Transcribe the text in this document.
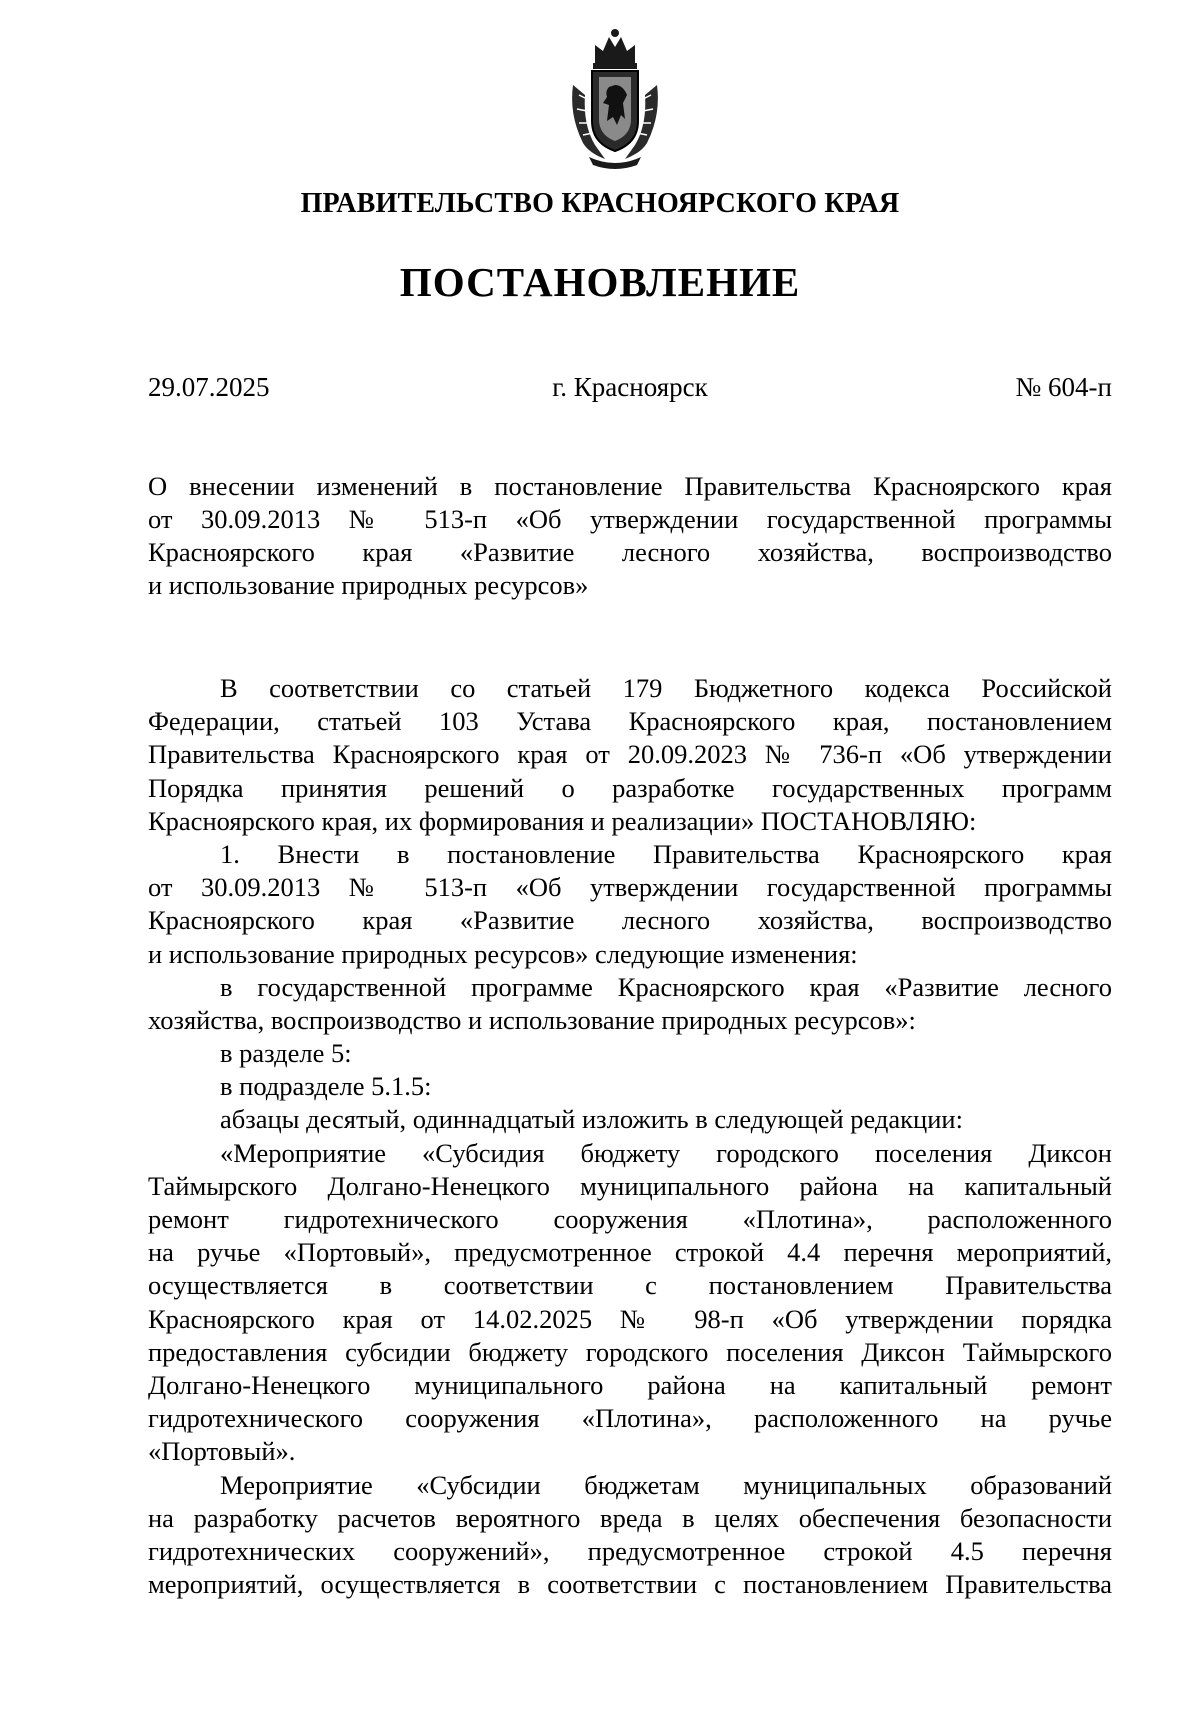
ПРАВИТЕЛЬСТВО КРАСНОЯРСКОГО КРАЯ
ПОСТАНОВЛЕНИЕ
г. Красноярск
29.07.2025	№ 604-п
О внесении изменений в постановление Правительства Красноярского края
от 30.09.2013 № 513-п «Об утверждении государственной программы
Красноярского края «Развитие лесного хозяйства, воспроизводство
и использование природных ресурсов»
В соответствии со статьей 179 Бюджетного кодекса Российской
Федерации, статьей 103 Устава Красноярского края, постановлением
Правительства Красноярского края от 20.09.2023 № 736-п «Об утверждении
Порядка принятия решений о разработке государственных программ
Красноярского края, их формирования и реализации» ПОСТАНОВЛЯЮ:
1. Внести в постановление Правительства Красноярского края
от 30.09.2013 № 513-п «Об утверждении государственной программы
Красноярского края «Развитие лесного хозяйства, воспроизводство
и использование природных ресурсов» следующие изменения:
в государственной программе Красноярского края «Развитие лесного
хозяйства, воспроизводство и использование природных ресурсов»:
в разделе 5:
в подразделе 5.1.5:
абзацы десятый, одиннадцатый изложить в следующей редакции:
«Мероприятие «Субсидия бюджету городского поселения Диксон
Таймырского Долгано-Ненецкого муниципального района на капитальный
ремонт гидротехнического сооружения «Плотина», расположенного
на ручье «Портовый», предусмотренное строкой 4.4 перечня мероприятий,
осуществляется в соответствии с постановлением Правительства
Красноярского края от 14.02.2025 № 98-п «Об утверждении порядка
предоставления субсидии бюджету городского поселения Диксон Таймырского
Долгано-Ненецкого муниципального района на капитальный ремонт
гидротехнического сооружения «Плотина», расположенного на ручье
«Портовый».
Мероприятие «Субсидии бюджетам муниципальных образований
на разработку расчетов вероятного вреда в целях обеспечения безопасности
гидротехнических сооружений», предусмотренное строкой 4.5 перечня
мероприятий, осуществляется в соответствии с постановлением Правительства
